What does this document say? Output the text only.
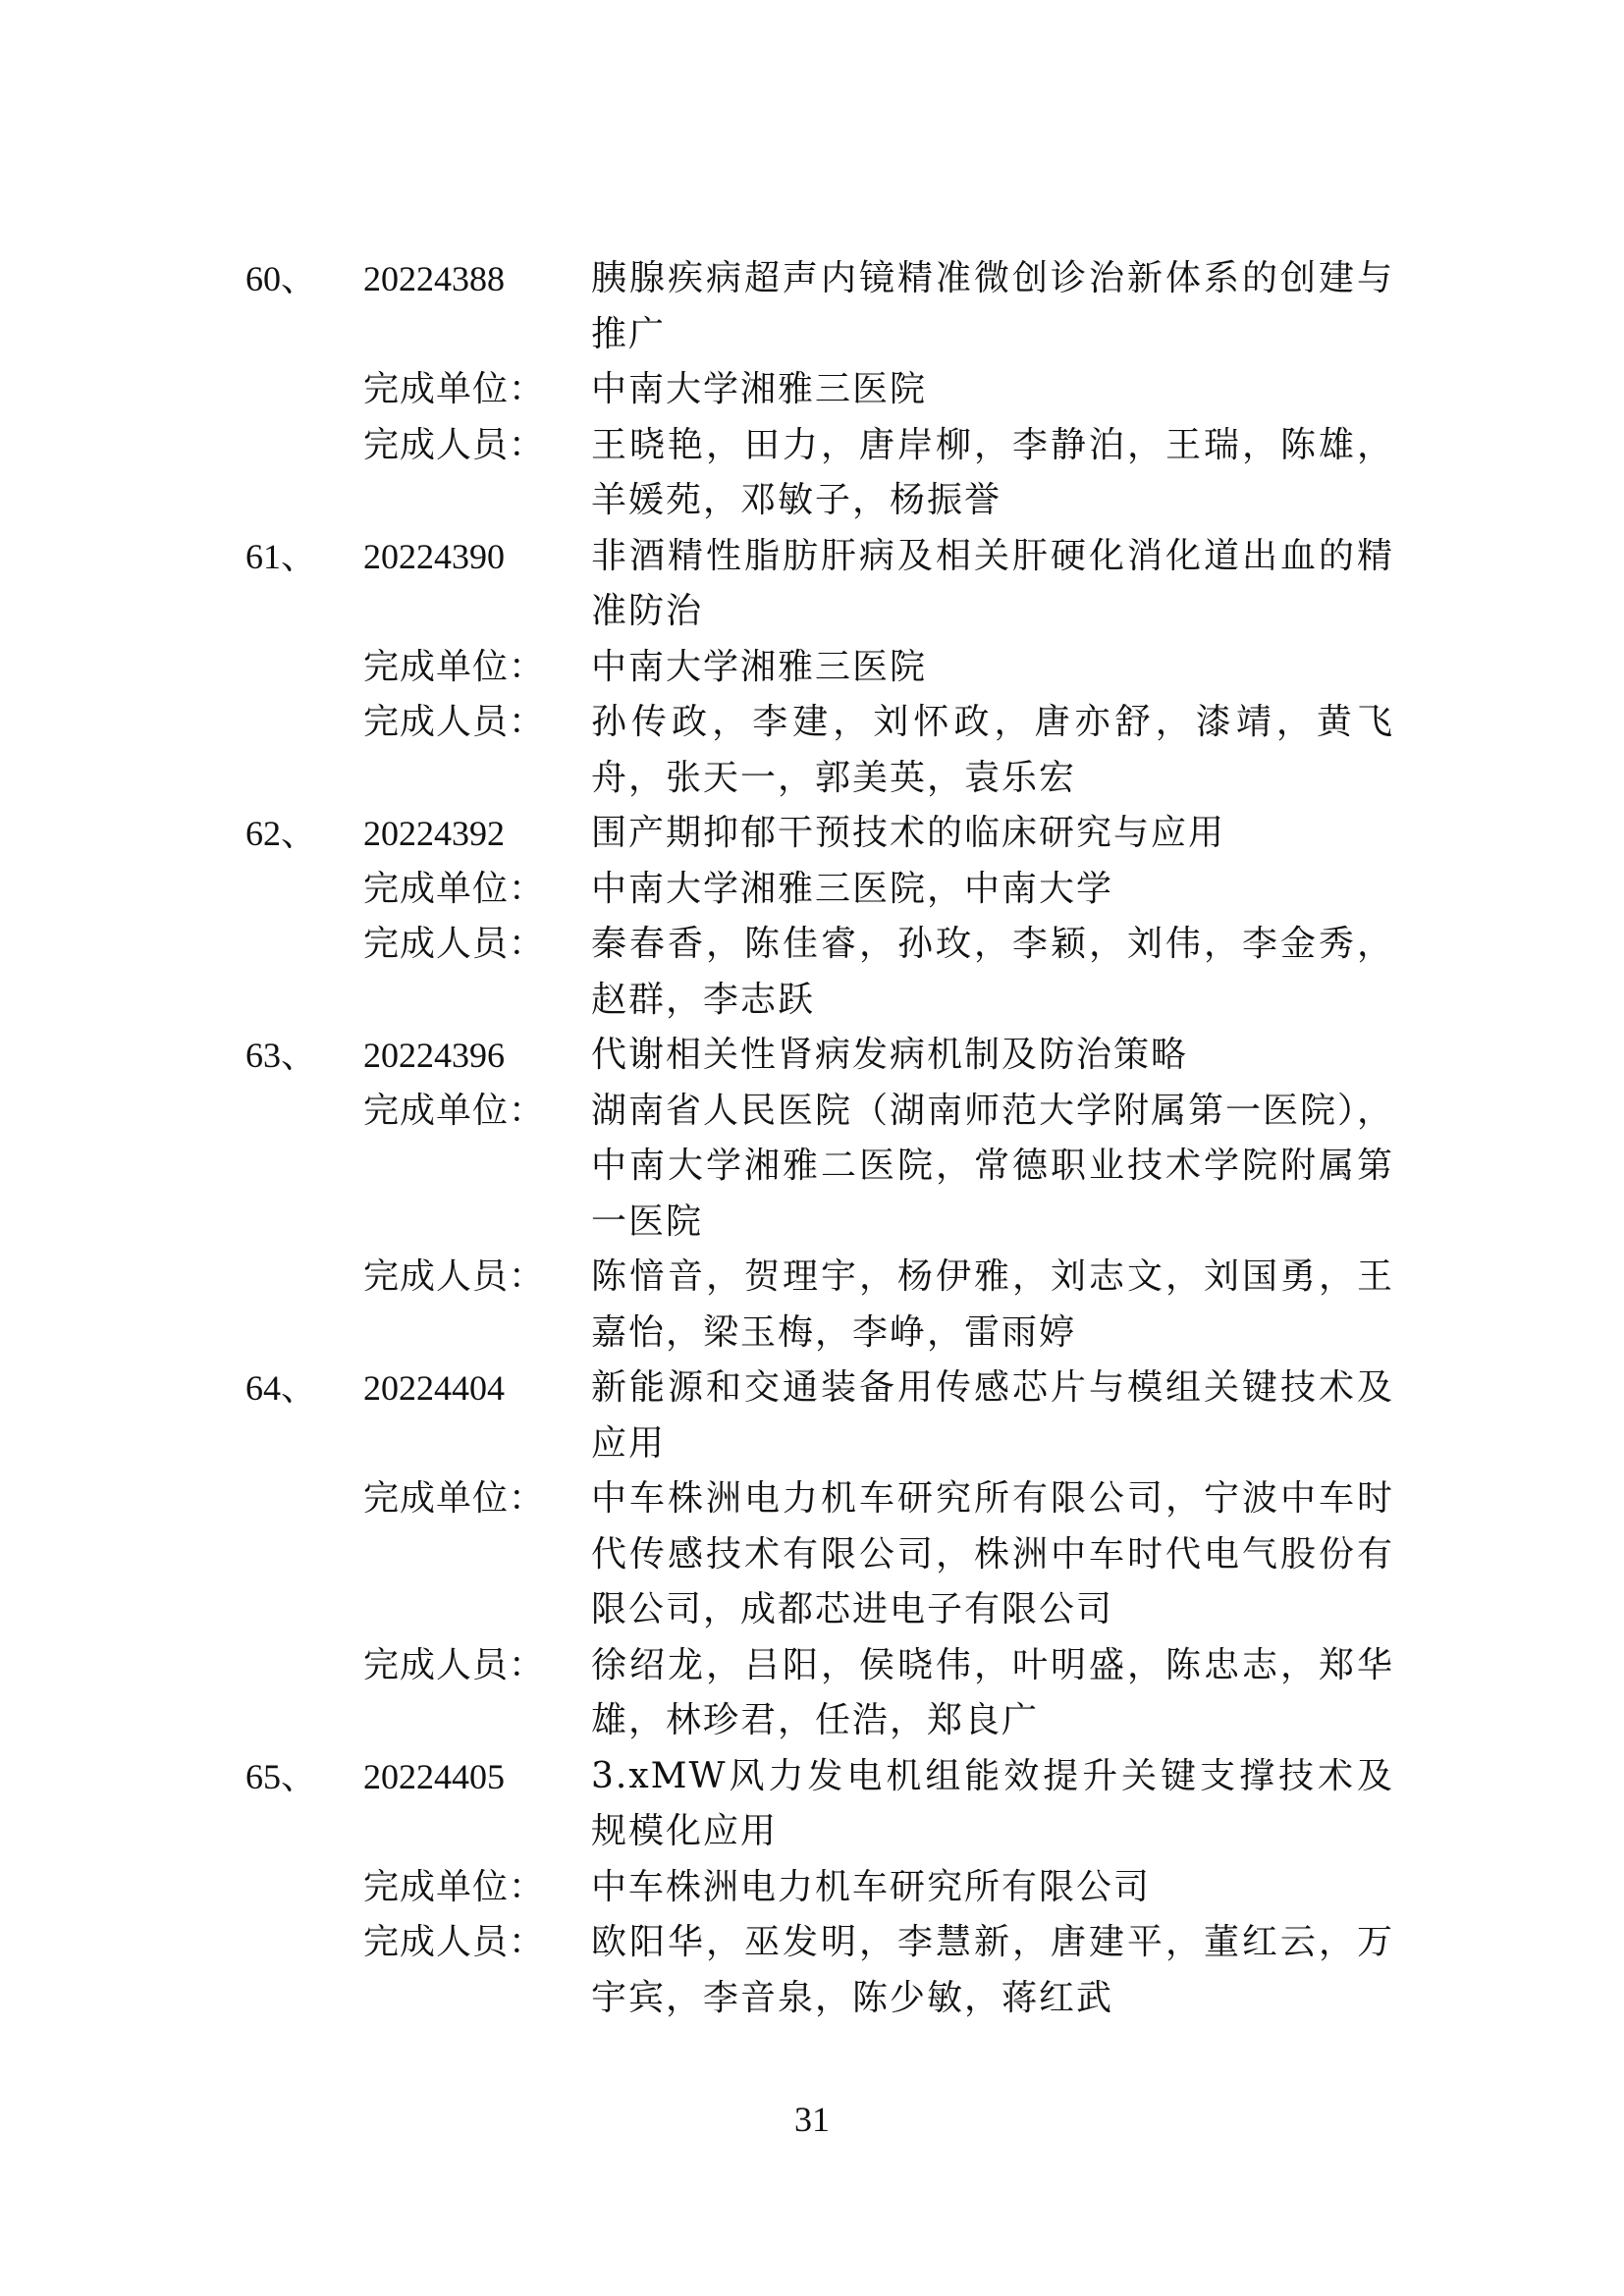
60、	20224388	胰腺疾病超声内镜精准微创诊治新体系的创建与推广
完成单位：	中南大学湘雅三医院
完成人员：	王晓艳，田力，唐岸柳，李静泊，王瑞，陈雄，羊媛苑，邓敏子，杨振誉
61、	20224390	非酒精性脂肪肝病及相关肝硬化消化道出血的精准防治
完成单位：	中南大学湘雅三医院
完成人员：	孙传政，李建，刘怀政，唐亦舒，漆靖，黄飞舟，张天一，郭美英，袁乐宏
62、	20224392	围产期抑郁干预技术的临床研究与应用
完成单位：	中南大学湘雅三医院，中南大学
完成人员：	秦春香，陈佳睿，孙玫，李颖，刘伟，李金秀，赵群，李志跃
63、	20224396	代谢相关性肾病发病机制及防治策略
完成单位：	湖南省人民医院（湖南师范大学附属第一医院），中南大学湘雅二医院，常德职业技术学院附属第一医院
完成人员：	陈愔音，贺理宇，杨伊雅，刘志文，刘国勇，王嘉怡，梁玉梅，李峥，雷雨婷
64、	20224404	新能源和交通装备用传感芯片与模组关键技术及应用
完成单位：	中车株洲电力机车研究所有限公司，宁波中车时代传感技术有限公司，株洲中车时代电气股份有限公司，成都芯进电子有限公司
完成人员：	徐绍龙，吕阳，侯晓伟，叶明盛，陈忠志，郑华雄，林珍君，任浩，郑良广
65、	20224405	3.xMW风力发电机组能效提升关键支撑技术及规模化应用
完成单位：	中车株洲电力机车研究所有限公司
完成人员：	欧阳华，巫发明，李慧新，唐建平，董红云，万宇宾，李音泉，陈少敏，蒋红武
31
